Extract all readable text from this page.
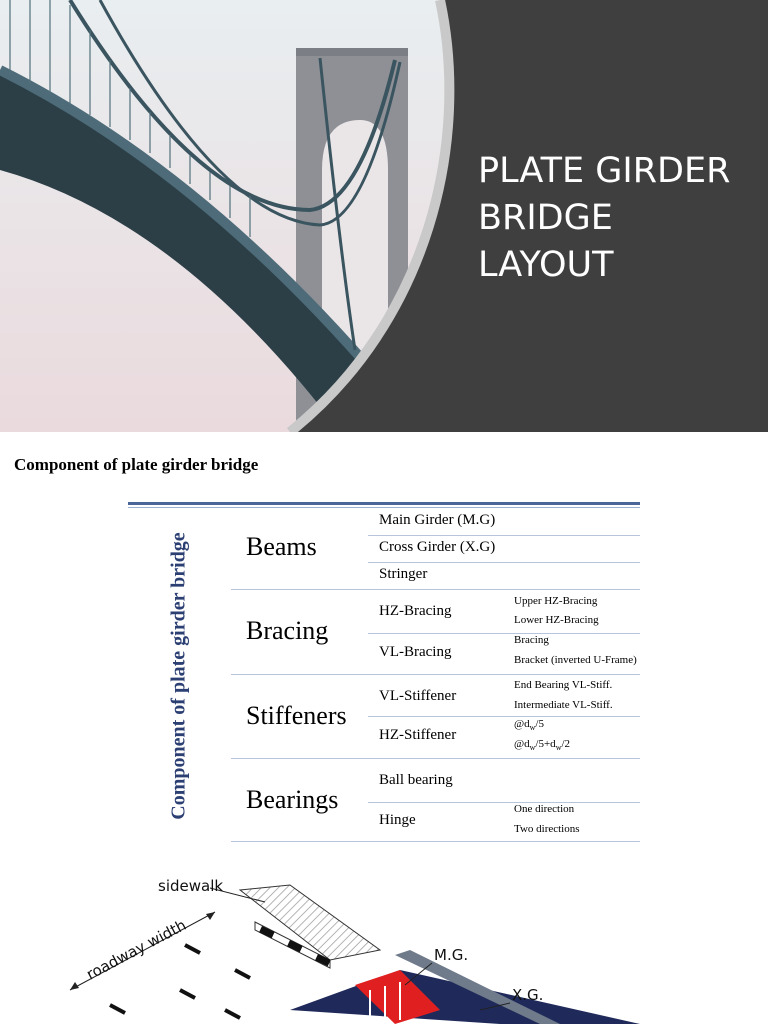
PLATE GIRDER
BRIDGE
LAYOUT
Component of plate girder bridge
Component of plate girder bridge Beams
Main Girder (M.G)
Cross Girder (X.G)
Stringer
Bracing
HZ-Bracing
Upper HZ-Bracing
Lower HZ-Bracing
VL-Bracing
Bracing
Bracket (inverted U-Frame)
Stiffeners
VL-Stiffener
End Bearing VL-Stiff.
Intermediate VL-Stiff.
HZ-Stiffener
$@d_w/5$
$@d_w/5+d_w/2$
Bearings
Ball bearing
Hinge
One direction
Two directions
sidewalk
roadway width	M.G.
X.G.
